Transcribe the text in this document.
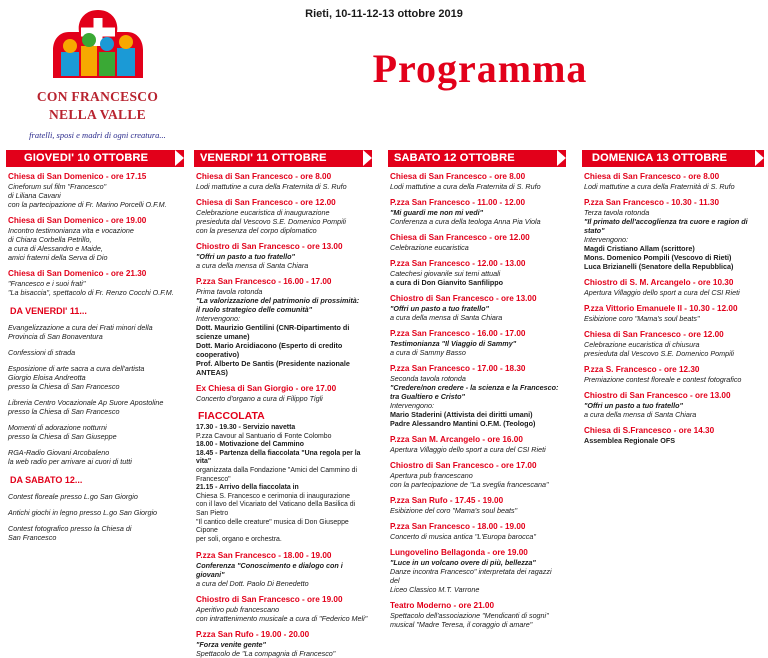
Rieti, 10-11-12-13 ottobre 2019
CON FRANCESCO
NELLA VALLE
fratelli, sposi e madri di ogni creatura...
Programma
GIOVEDI' 10 OTTOBRE
Chiesa di San Domenico - ore 17.15
Cineforum sul film "Francesco"
di Liliana Cavani
con la partecipazione di Fr. Marino Porcelli O.F.M.
Chiesa di San Domenico - ore 19.00
Incontro testimonianza vita e vocazione
di Chiara Corbella Petrillo,
a cura di Alessandro e Maide,
amici fraterni della Serva di Dio
Chiesa di San Domenico - ore 21.30
"Francesco e i suoi frati"
"La bisaccia", spettacolo di Fr. Renzo Cocchi O.F.M.
DA VENERDI' 11...
Evangelizzazione a cura dei Frati minori della
Provincia di San Bonaventura
Confessioni di strada
Esposizione di arte sacra a cura dell'artista
Giorgio Eloisa Andreotta
presso la Chiesa di San Francesco
Libreria Centro Vocazionale Ap Suore Apostoline
presso la Chiesa di San Francesco
Momenti di adorazione notturni
presso la Chiesa di San Giuseppe
RGA-Radio Giovani Arcobaleno
la web radio per arrivare ai cuori di tutti
DA SABATO 12...
Contest floreale presso L.go San Giorgio
Antichi giochi in legno presso L.go San Giorgio
Contest fotografico presso la Chiesa di
San Francesco
VENERDI' 11 OTTOBRE
Chiesa di San Francesco - ore 8.00
Lodi mattutine a cura della Fraternita di S. Rufo
Chiesa di San Francesco - ore 12.00
Celebrazione eucaristica di inaugurazione
presieduta dal Vescovo S.E. Domenico Pompili
con la presenza del corpo diplomatico
Chiostro di San Francesco - ore 13.00
"Offri un pasto a tuo fratello"
a cura della mensa di Santa Chiara
P.zza San Francesco - 16.00 - 17.00
Prima tavola rotonda
"La valorizzazione del patrimonio di prossimità:
il ruolo strategico delle comunità"
Intervengono:
Dott. Maurizio Gentilini (CNR-Dipartimento di scienze umane)
Dott. Mario Arcidiacono (Esperto di credito cooperativo)
Prof. Alberto De Santis (Presidente nazionale ANTEAS)
Ex Chiesa di San Giorgio - ore 17.00
Concerto d'organo a cura di Filippo Tigli
FIACCOLATA
17.30 - 19.30 - Servizio navetta
P.zza Cavour al Santuario di Fonte Colombo
18.00 - Motivazione del Cammino
18.45 - Partenza della fiaccolata "Una regola per la vita"
organizzata dalla Fondazione "Amici del Cammino di Francesco"
21.15 - Arrivo della fiaccolata in
Chiesa S. Francesco e cerimonia di inaugurazione
con il lavo del Vicariato del Vaticano della Basilica di San Pietro
"Il cantico delle creature" musica di Don Giuseppe Cipone
per soli, organo e orchestra.
P.zza San Francesco - 18.00 - 19.00
Conferenza "Conoscimento e dialogo con i giovani"
a cura del Dott. Paolo Di Benedetto
Chiostro di San Francesco - ore 19.00
Aperitivo pub francescano
con intrattenimento musicale a cura di "Federico Meli"
P.zza San Rufo - 19.00 - 20.00
"Forza venite gente"
Spettacolo de "La compagnia di Francesco"
SABATO 12 OTTOBRE
Chiesa di San Francesco - ore 8.00
Lodi mattutine a cura della Fraternita di S. Rufo
P.zza San Francesco - 11.00 - 12.00
"Mi guardi me non mi vedi"
Conferenza a cura della teologa Anna Pia Viola
Chiesa di San Francesco - ore 12.00
Celebrazione eucaristica
P.zza San Francesco - 12.00 - 13.00
Catechesi giovanile sui temi attuali
a cura di Don Gianvito Sanfilippo
Chiostro di San Francesco - ore 13.00
"Offri un pasto a tuo fratello"
a cura della mensa di Santa Chiara
P.zza San Francesco - 16.00 - 17.00
Testimonianza "Il Viaggio di Sammy"
a cura di Sammy Basso
P.zza San Francesco - 17.00 - 18.30
Seconda tavola rotonda
"Credere/non credere - la scienza e la Francesco:
tra Gualtiero e Cristo"
Intervengono:
Mario Staderini (Attivista dei diritti umani)
Padre Alessandro Mantini O.F.M. (Teologo)
P.zza San M. Arcangelo - ore 16.00
Apertura Villaggio dello sport a cura del CSI Rieti
Chiostro di San Francesco - ore 17.00
Apertura pub francescano
con la partecipazione de "La sveglia francescana"
P.zza San Rufo - 17.45 - 19.00
Esibizione del coro "Mama's soul beats"
P.zza San Francesco - 18.00 - 19.00
Concerto di musica antica "L'Europa barocca"
Lungovelino Bellagonda - ore 19.00
"Luce in un volcano overe di più, bellezza"
Danze incontra Francesco" interpretata dei ragazzi del
Liceo Classico M.T. Varrone
Teatro Moderno - ore 21.00
Spettacolo dell'associazione "Mendicanti di sogni"
musical "Madre Teresa, il coraggio di amare"
DOMENICA 13 OTTOBRE
Chiesa di San Francesco - ore 8.00
Lodi mattutine a cura della Fraternità di S. Rufo
P.zza San Francesco - 10.30 - 11.30
Terza tavola rotonda
"Il primato dell'accoglienza tra cuore e ragion di stato"
Intervengono:
Magdi Cristiano Allam (scrittore)
Mons. Domenico Pompili (Vescovo di Rieti)
Luca Brizianelli (Senatore della Repubblica)
Chiostro di S. M. Arcangelo - ore 10.30
Apertura Villaggio dello sport a cura del CSI Rieti
P.zza Vittorio Emanuele II - 10.30 - 12.00
Esibizione coro "Mama's soul beats"
Chiesa di San Francesco - ore 12.00
Celebrazione eucaristica di chiusura
presieduta dal Vescovo S.E. Domenico Pompili
P.zza S. Francesco - ore 12.30
Premiazione contest floreale e contest fotografico
Chiostro di San Francesco - ore 13.00
"Offri un pasto a tuo fratello"
a cura della mensa di Santa Chiara
Chiesa di S.Francesco - ore 14.30
Assemblea Regionale OFS
